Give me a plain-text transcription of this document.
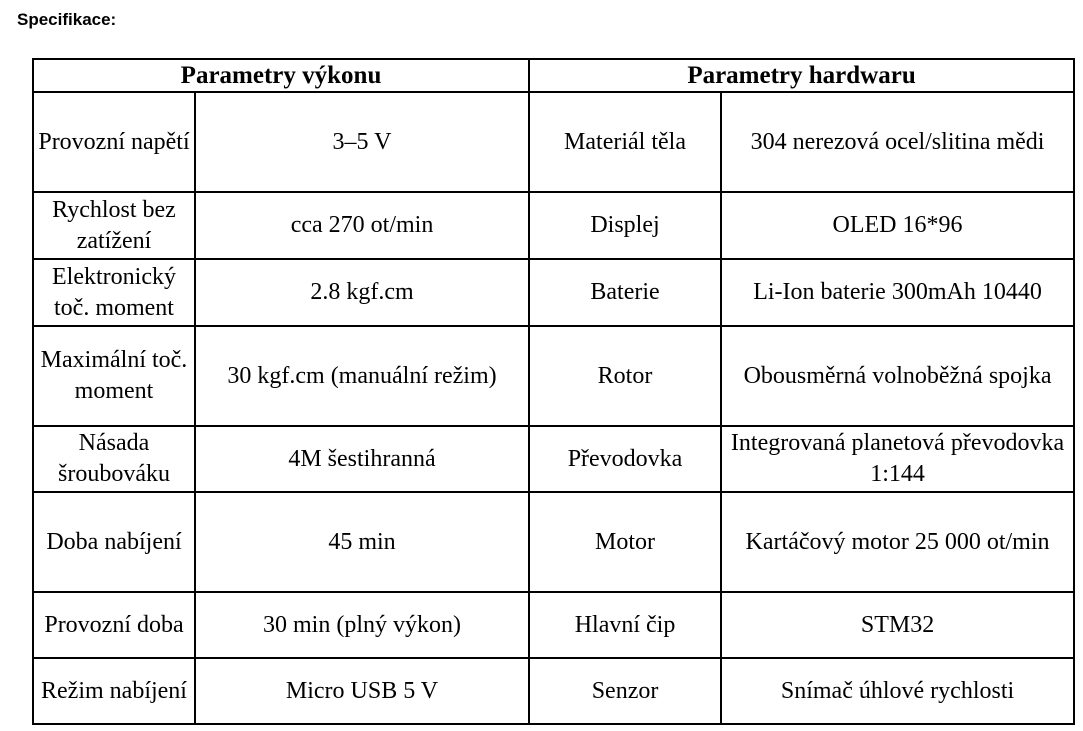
Specifikace:
Parametry výkonu		Parametry hardwaru	
Provozní napětí	3–5 V	Materiál těla	304 nerezová ocel/slitina mědi
Rychlost bez zatížení	cca 270 ot/min	Displej	OLED 16*96
Elektronický toč. moment	2.8 kgf.cm	Baterie	Li-Ion baterie 300mAh 10440
Maximální toč. moment	30 kgf.cm (manuální režim)	Rotor	Obousměrná volnoběžná spojka
Násada šroubováku	4M šestihranná	Převodovka	Integrovaná planetová převodovka 1:144
Doba nabíjení	45 min	Motor	Kartáčový motor 25 000 ot/min
Provozní doba	30 min (plný výkon)	Hlavní čip	STM32
Režim nabíjení	Micro USB 5 V	Senzor	Snímač úhlové rychlosti
